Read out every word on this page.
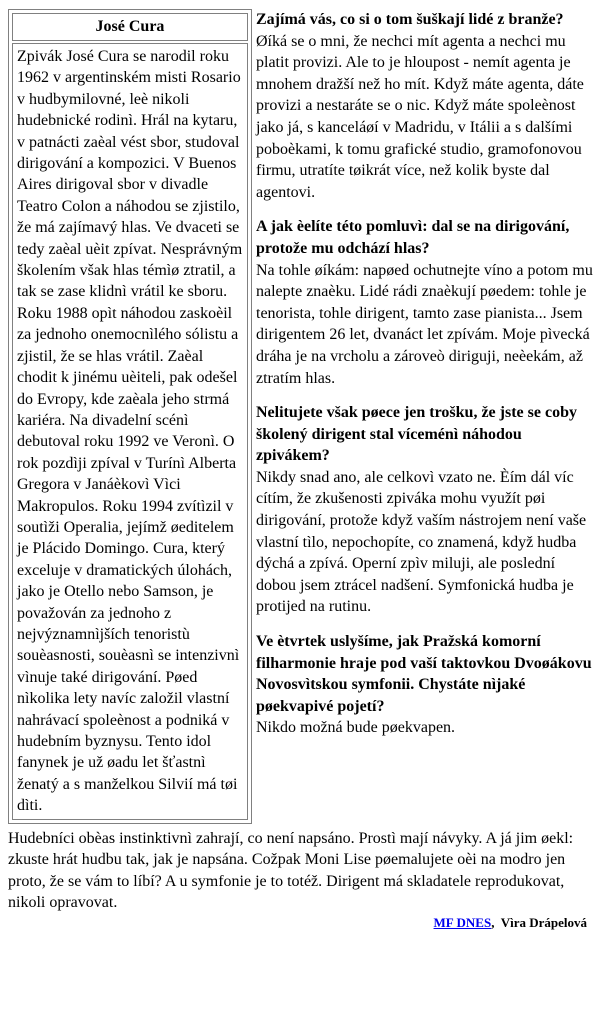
José Cura
Zpivák José Cura se narodil roku 1962 v argentinském misti Rosario v hudbymilovné, leè nikoli hudebnické rodinì. Hrál na kytaru, v patnácti zaèal vést sbor, studoval dirigování a kompozici. V Buenos Aires dirigoval sbor v divadle Teatro Colon a náhodou se zjistilo, že má zajímavý hlas. Ve dvaceti se tedy zaèal uèit zpívat. Nesprávným školením však hlas témìø ztratil, a tak se zase klidnì vrátil ke sboru. Roku 1988 opìt náhodou zaskoèil za jednoho onemocnìlého sólistu a zjistil, že se hlas vrátil. Zaèal chodit k jinému uèiteli, pak odešel do Evropy, kde zaèala jeho strmá kariéra. Na divadelní scénì debutoval roku 1992 ve Veronì. O rok pozdìji zpíval v Turínì Alberta Gregora v Janáèkovì Vìci Makropulos. Roku 1994 zvítìzil v soutìži Operalia, jejímž øeditelem je Plácido Domingo. Cura, který exceluje v dramatických úlohách, jako je Otello nebo Samson, je považován za jednoho z nejvýznamnìjších tenoristù souèasnosti, souèasnì se intenzivnì vìnuje také dirigování. Pøed nìkolika lety navíc založil vlastní nahrávací spoleènost a podniká v hudebním byznysu. Tento idol fanynek je už øadu let šťastnì ženatý a s manželkou Silvií má tøi dìti.
Zajímá vás, co si o tom šuškají lidé z branže?
Øíká se o mni, že nechci mít agenta a nechci mu platit provizi. Ale to je hloupost - nemít agenta je mnohem dražší než ho mít. Když máte agenta, dáte provizi a nestaráte se o nic. Když máte spoleènost jako já, s kanceláøí v Madridu, v Itálii a s dalšími poboèkami, k tomu grafické studio, gramofonovou firmu, utratíte tøikrát více, než kolik byste dal agentovi.
A jak èelíte této pomluvì: dal se na dirigování, protože mu odchází hlas?
Na tohle øíkám: napøed ochutnejte víno a potom mu nalepte znaèku. Lidé rádi znaèkují pøedem: tohle je tenorista, tohle dirigent, tamto zase pianista... Jsem dirigentem 26 let, dvanáct let zpívám. Moje pìvecká dráha je na vrcholu a zároveò diriguji, neèekám, až ztratím hlas.
Nelitujete však pøece jen trošku, že jste se coby školený dirigent stal víceménì náhodou zpivákem?
Nikdy snad ano, ale celkovì vzato ne. Èím dál víc cítím, že zkušenosti zpiváka mohu využít pøi dirigování, protože když vaším nástrojem není vaše vlastní tìlo, nepochopíte, co znamená, když hudba dýchá a zpívá. Operní zpìv miluji, ale poslední dobou jsem ztrácel nadšení. Symfonická hudba je protijed na rutinu.
Ve ètvrtek uslyšíme, jak Pražská komorní filharmonie hraje pod vaší taktovkou Dvoøákovu Novosvìtskou symfonii. Chystáte nìjaké pøekvapivé pojetí?
Nikdo možná bude pøekvapen.
Hudebníci obèas instinktivnì zahrají, co není napsáno. Prostì mají návyky. A já jim øekl: zkuste hrát hudbu tak, jak je napsána. Cožpak Moni Lise pøemalujete oèi na modro jen proto, že se vám to líbí? A u symfonie je to totéž. Dirigent má skladatele reprodukovat, nikoli opravovat.
MF DNES, Vìra Drápelová
